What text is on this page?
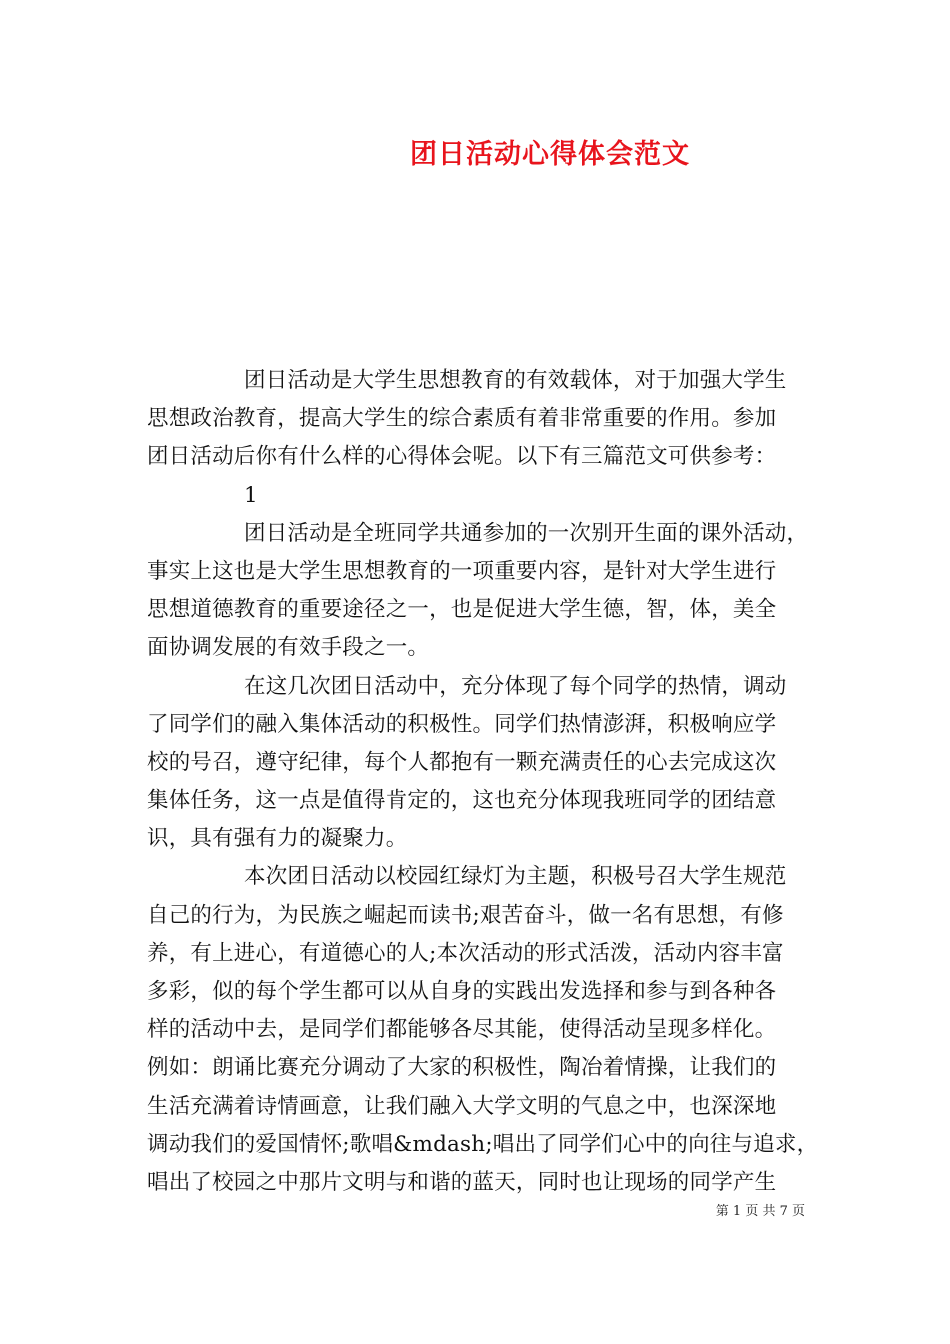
团日活动心得体会范文
团日活动是大学生思想教育的有效载体，对于加强大学生
思想政治教育，提高大学生的综合素质有着非常重要的作用。参加
团日活动后你有什么样的心得体会呢。以下有三篇范文可供参考：
1
团日活动是全班同学共通参加的一次别开生面的课外活动，
事实上这也是大学生思想教育的一项重要内容，是针对大学生进行
思想道德教育的重要途径之一，也是促进大学生德，智，体，美全
面协调发展的有效手段之一。
在这几次团日活动中，充分体现了每个同学的热情，调动
了同学们的融入集体活动的积极性。同学们热情澎湃，积极响应学
校的号召，遵守纪律，每个人都抱有一颗充满责任的心去完成这次
集体任务，这一点是值得肯定的，这也充分体现我班同学的团结意
识，具有强有力的凝聚力。
本次团日活动以校园红绿灯为主题，积极号召大学生规范
自己的行为，为民族之崛起而读书;艰苦奋斗，做一名有思想，有修
养，有上进心，有道德心的人;本次活动的形式活泼，活动内容丰富
多彩，似的每个学生都可以从自身的实践出发选择和参与到各种各
样的活动中去，是同学们都能够各尽其能，使得活动呈现多样化。
例如：朗诵比赛充分调动了大家的积极性，陶冶着情操，让我们的
生活充满着诗情画意，让我们融入大学文明的气息之中，也深深地
调动我们的爱国情怀;歌唱&mdash;唱出了同学们心中的向往与追求，
唱出了校园之中那片文明与和谐的蓝天，同时也让现场的同学产生
第 1 页 共 7 页
